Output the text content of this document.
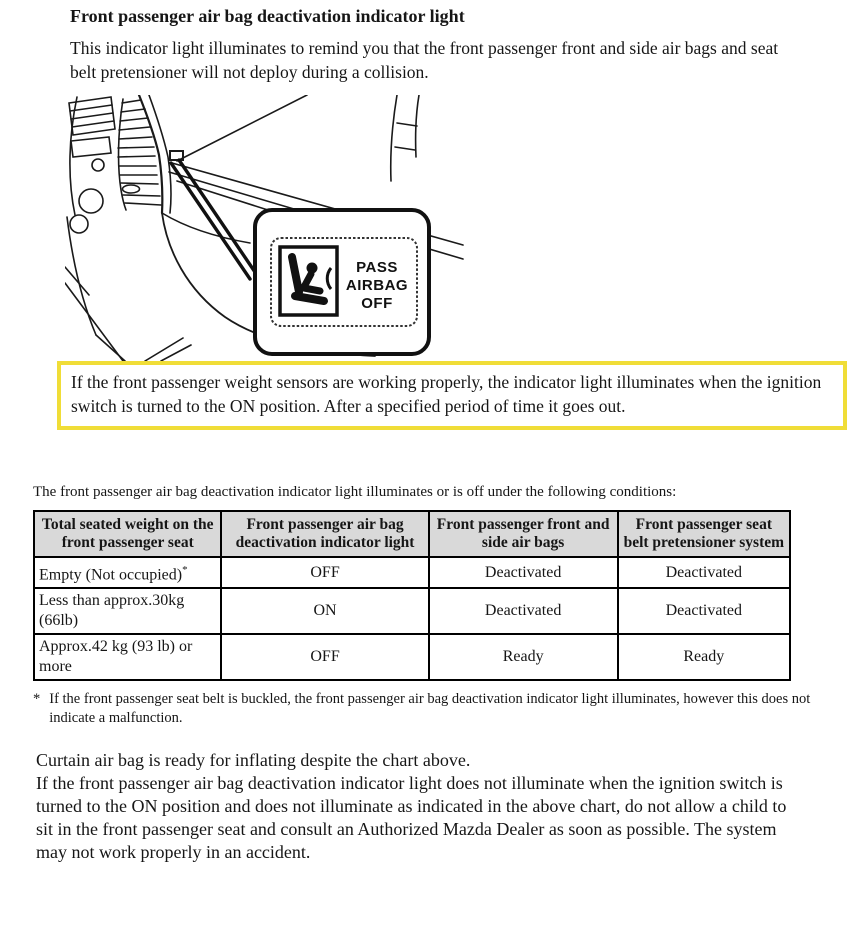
Front passenger air bag deactivation indicator light

This indicator light illuminates to remind you that the front passenger front and side air bags and seat belt pretensioner will not deploy during a collision.

PASS
AIRBAG
OFF
If the front passenger weight sensors are working properly, the indicator light illuminates when the ignition switch is turned to the ON position. After a specified period of time it goes out.

The front passenger air bag deactivation indicator light illuminates or is off under the following conditions:

Total seated weight on the front passenger seat	Front passenger air bag deactivation indicator light	Front passenger front and side air bags	Front passenger seat belt pretensioner system
Empty (Not occupied)*	OFF	Deactivated	Deactivated
Less than approx.30kg (66lb)	ON	Deactivated	Deactivated
Approx.42 kg (93 lb) or more	OFF	Ready	Ready
* If the front passenger seat belt is buckled, the front passenger air bag deactivation indicator light illuminates, however this does not indicate a malfunction.

Curtain air bag is ready for inflating despite the chart above.

If the front passenger air bag deactivation indicator light does not illuminate when the ignition switch is turned to the ON position and does not illuminate as indicated in the above chart, do not allow a child to sit in the front passenger seat and consult an Authorized Mazda Dealer as soon as possible. The system may not work properly in an accident.
